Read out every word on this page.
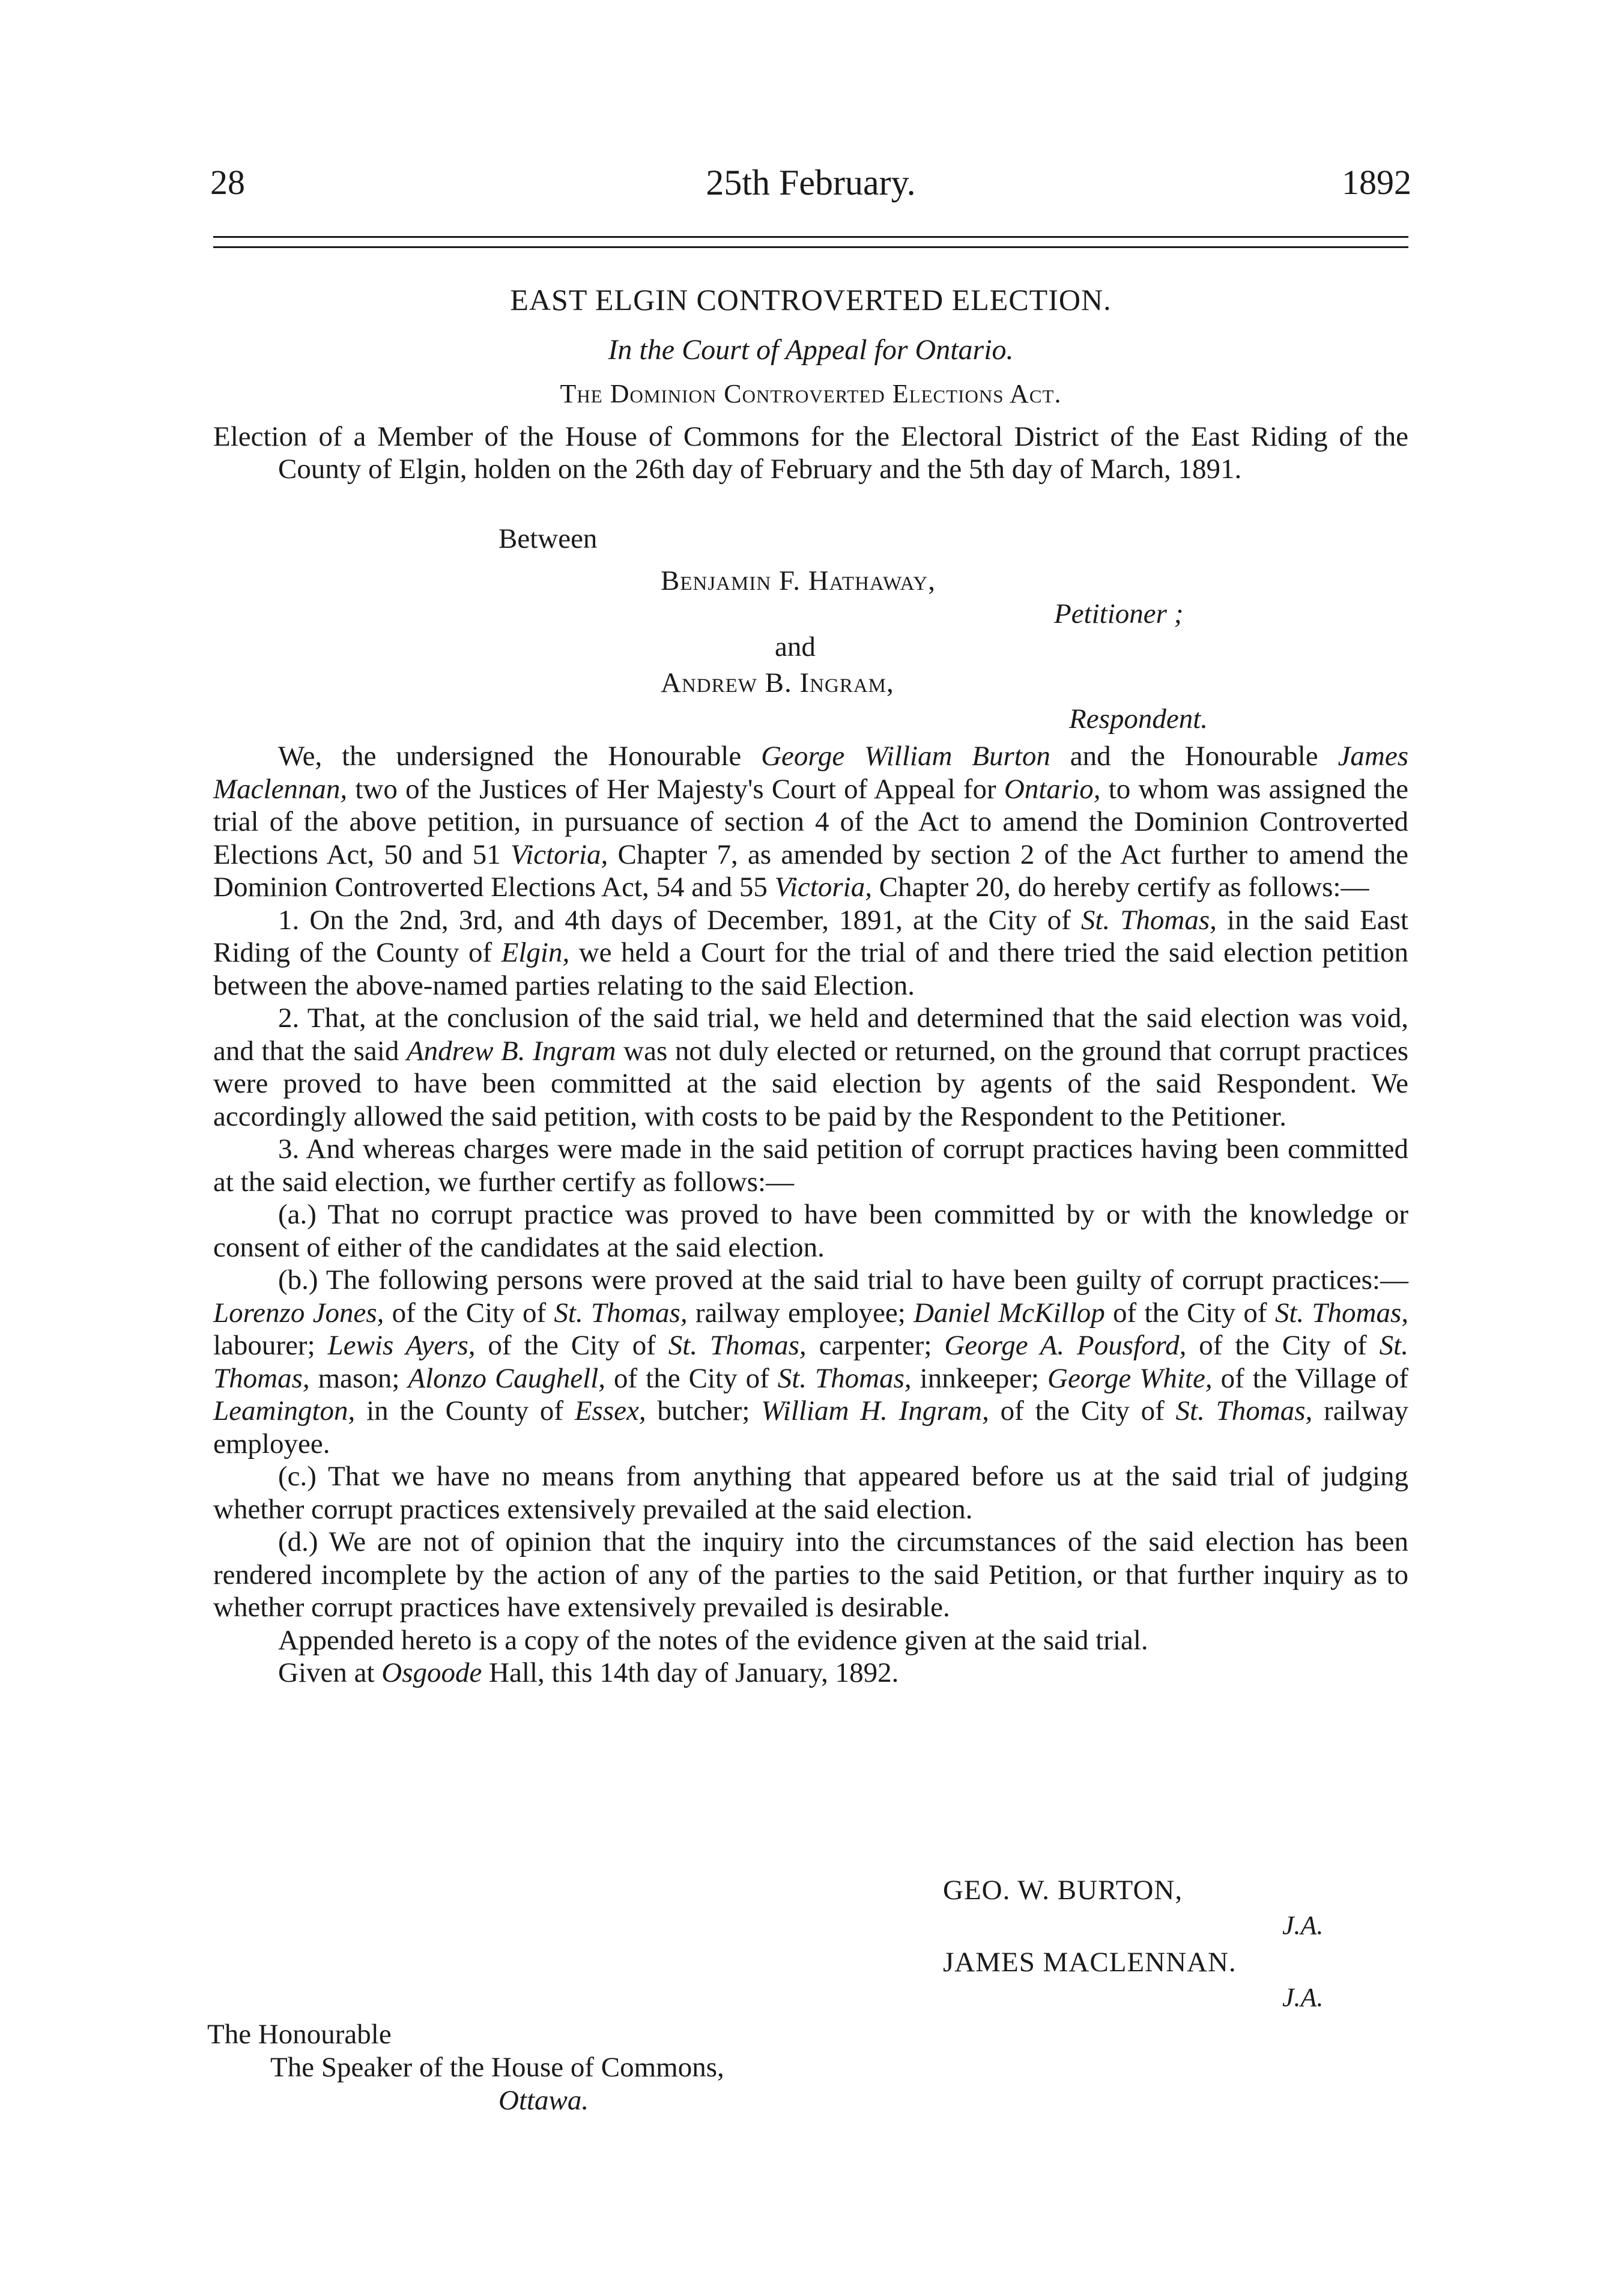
28	25th February.	1892
EAST ELGIN CONTROVERTED ELECTION.
In the Court of Appeal for Ontario.
The Dominion Controverted Elections Act.

Election of a Member of the House of Commons for the Electoral District of the East Riding of the County of Elgin, holden on the 26th day of February and the 5th day of March, 1891.

Between
Benjamin F. Hathaway,
Petitioner ;
and
Andrew B. Ingram,
Respondent.

We, the undersigned the Honourable George William Burton and the Honourable James Maclennan, two of the Justices of Her Majesty's Court of Appeal for Ontario, to whom was assigned the trial of the above petition, in pursuance of section 4 of the Act to amend the Dominion Controverted Elections Act, 50 and 51 Victoria, Chapter 7, as amended by section 2 of the Act further to amend the Dominion Controverted Elections Act, 54 and 55 Victoria, Chapter 20, do hereby certify as follows:—

1. On the 2nd, 3rd, and 4th days of December, 1891, at the City of St. Thomas, in the said East Riding of the County of Elgin, we held a Court for the trial of and there tried the said election petition between the above-named parties relating to the said Election.

2. That, at the conclusion of the said trial, we held and determined that the said election was void, and that the said Andrew B. Ingram was not duly elected or returned, on the ground that corrupt practices were proved to have been committed at the said election by agents of the said Respondent. We accordingly allowed the said petition, with costs to be paid by the Respondent to the Petitioner.

3. And whereas charges were made in the said petition of corrupt practices having been committed at the said election, we further certify as follows:—

(a.) That no corrupt practice was proved to have been committed by or with the knowledge or consent of either of the candidates at the said election.

(b.) The following persons were proved at the said trial to have been guilty of corrupt practices:—Lorenzo Jones, of the City of St. Thomas, railway employee; Daniel McKillop of the City of St. Thomas, labourer; Lewis Ayers, of the City of St. Thomas, carpenter; George A. Pousford, of the City of St. Thomas, mason; Alonzo Caughell, of the City of St. Thomas, innkeeper; George White, of the Village of Leamington, in the County of Essex, butcher; William H. Ingram, of the City of St. Thomas, railway employee.

(c.) That we have no means from anything that appeared before us at the said trial of judging whether corrupt practices extensively prevailed at the said election.

(d.) We are not of opinion that the inquiry into the circumstances of the said election has been rendered incomplete by the action of any of the parties to the said Petition, or that further inquiry as to whether corrupt practices have extensively prevailed is desirable.

Appended hereto is a copy of the notes of the evidence given at the said trial.

Given at Osgoode Hall, this 14th day of January, 1892.

GEO. W. BURTON,
J.A.
JAMES MACLENNAN.
J.A.
The Honourable
The Speaker of the House of Commons,
Ottawa.
